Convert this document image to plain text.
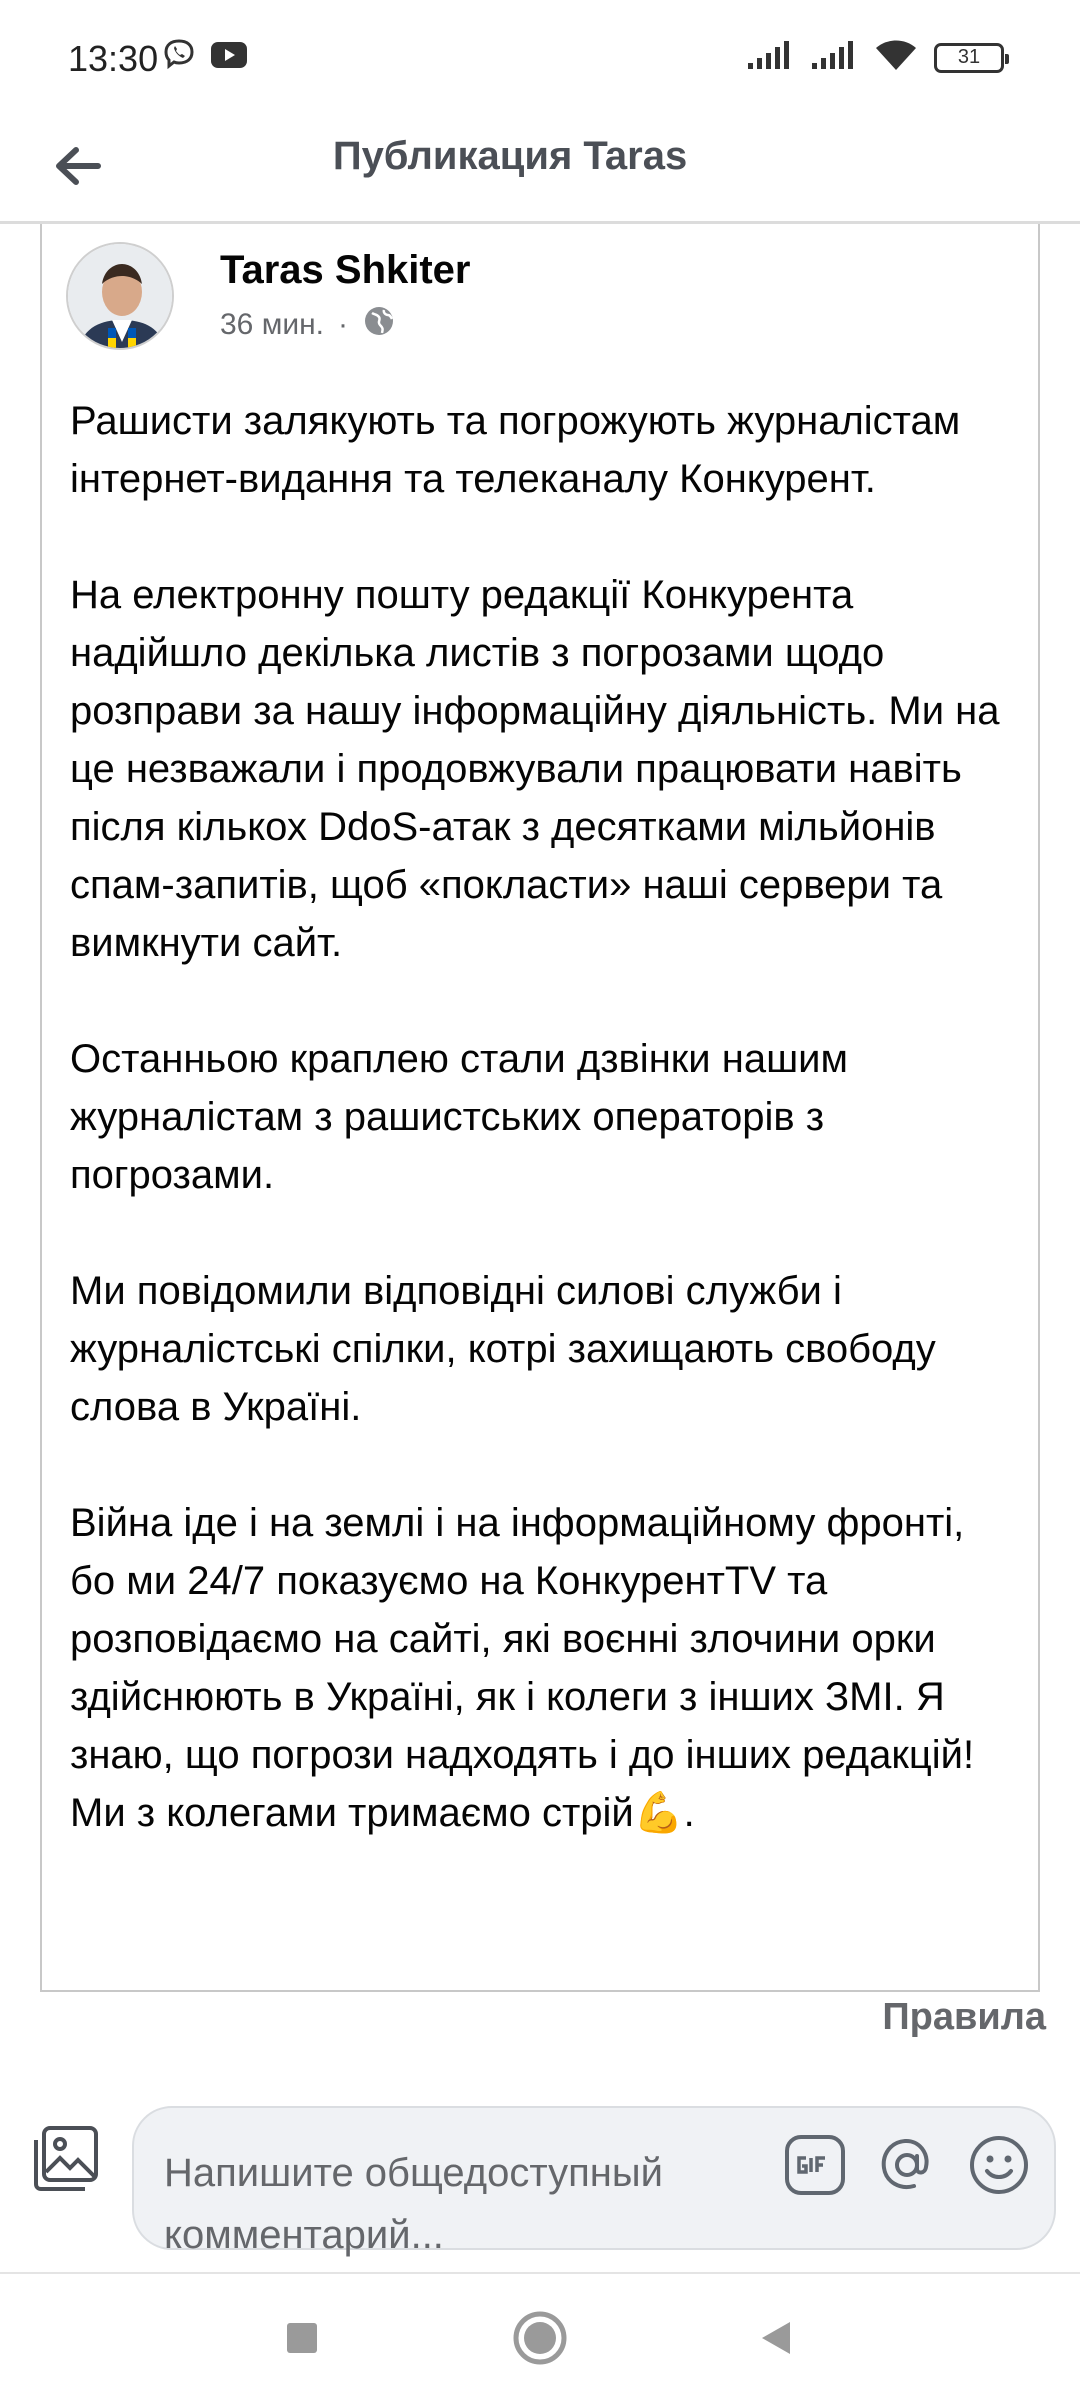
13:30	31
Публикация Taras
Taras Shkiter
36 мин. ·

Рашисти залякують та погрожують журналістам інтернет-видання та телеканалу Конкурент.

На електронну пошту редакції Конкурента надійшло декілька листів з погрозами щодо розправи за нашу інформаційну діяльність. Ми на це незважали і продовжували працювати навіть після кількох DdoS-атак з десятками мільйонів спам-запитів, щоб «покласти» наші сервери та вимкнути сайт.

Останньою краплею стали дзвінки нашим журналістам з рашистських операторів з погрозами.

Ми повідомили відповідні силові служби і журналістські спілки, котрі захищають свободу слова в Україні.

Війна іде і на землі і на інформаційному фронті, бо ми 24/7 показуємо на КонкурентTV та розповідаємо на сайті, які воєнні злочини орки здійснюють в Україні, як і колеги з інших ЗМІ. Я знаю, що погрози надходять і до інших редакцій!
Ми з колегами тримаємо стрій💪.

Правила
Напишите общедоступный комментарий...
